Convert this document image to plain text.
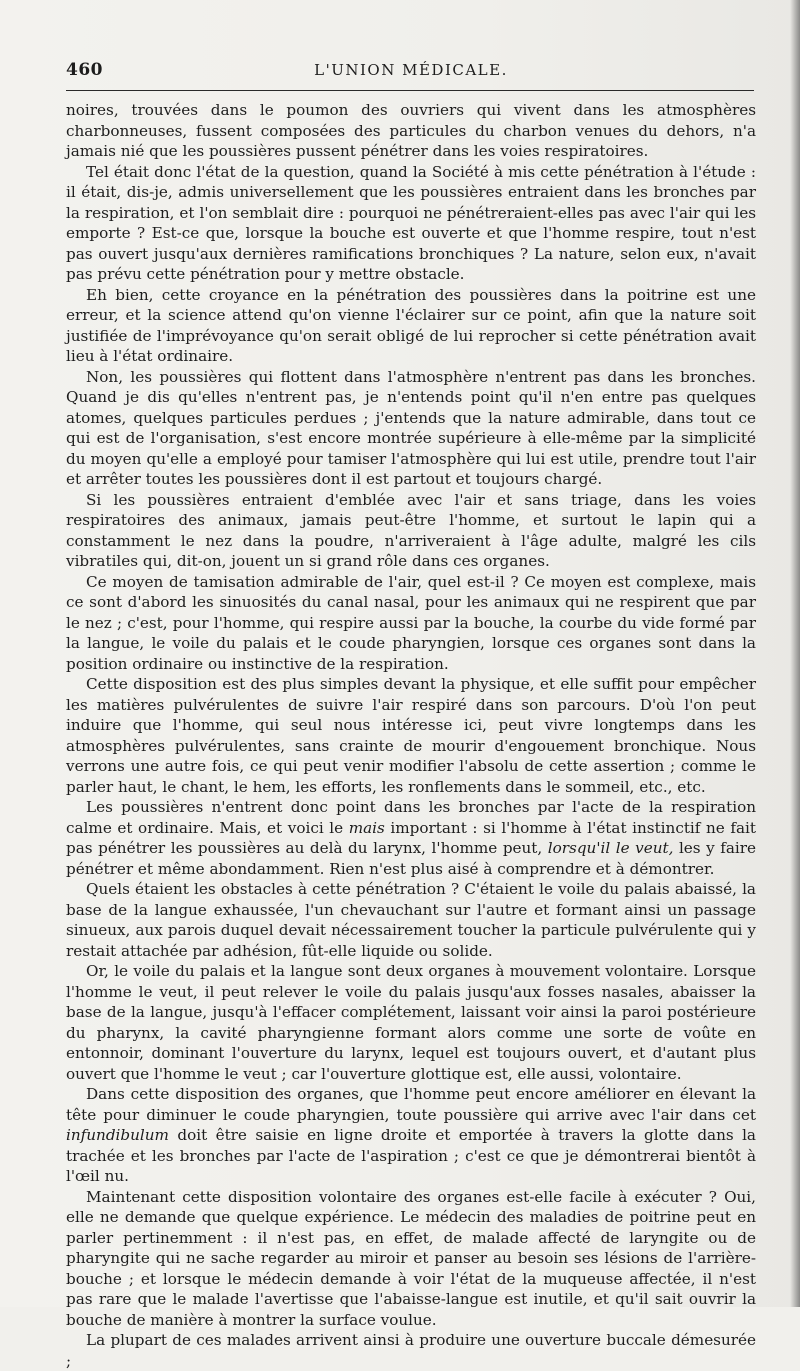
460	L'UNION MÉDICALE.

noires, trouvées dans le poumon des ouvriers qui vivent dans les atmosphères charbonneuses, fussent composées des particules du charbon venues du dehors, n'a jamais nié que les poussières pussent pénétrer dans les voies respiratoires.

Tel était donc l'état de la question, quand la Société à mis cette pénétration à l'étude : il était, dis-je, admis universellement que les poussières entraient dans les bronches par la respiration, et l'on semblait dire : pourquoi ne pénétreraient-elles pas avec l'air qui les emporte ? Est-ce que, lorsque la bouche est ouverte et que l'homme respire, tout n'est pas ouvert jusqu'aux dernières ramifications bronchiques ? La nature, selon eux, n'avait pas prévu cette pénétration pour y mettre obstacle.

Eh bien, cette croyance en la pénétration des poussières dans la poitrine est une erreur, et la science attend qu'on vienne l'éclairer sur ce point, afin que la nature soit justifiée de l'imprévoyance qu'on serait obligé de lui reprocher si cette pénétration avait lieu à l'état ordinaire.

Non, les poussières qui flottent dans l'atmosphère n'entrent pas dans les bronches. Quand je dis qu'elles n'entrent pas, je n'entends point qu'il n'en entre pas quelques atomes, quelques particules perdues ; j'entends que la nature admirable, dans tout ce qui est de l'organisation, s'est encore montrée supérieure à elle-même par la simplicité du moyen qu'elle a employé pour tamiser l'atmosphère qui lui est utile, prendre tout l'air et arrêter toutes les poussières dont il est partout et toujours chargé.

Si les poussières entraient d'emblée avec l'air et sans triage, dans les voies respiratoires des animaux, jamais peut-être l'homme, et surtout le lapin qui a constamment le nez dans la poudre, n'arriveraient à l'âge adulte, malgré les cils vibratiles qui, dit-on, jouent un si grand rôle dans ces organes.

Ce moyen de tamisation admirable de l'air, quel est-il ? Ce moyen est complexe, mais ce sont d'abord les sinuosités du canal nasal, pour les animaux qui ne respirent que par le nez ; c'est, pour l'homme, qui respire aussi par la bouche, la courbe du vide formé par la langue, le voile du palais et le coude pharyngien, lorsque ces organes sont dans la position ordinaire ou instinctive de la respiration.

Cette disposition est des plus simples devant la physique, et elle suffit pour empêcher les matières pulvérulentes de suivre l'air respiré dans son parcours. D'où l'on peut induire que l'homme, qui seul nous intéresse ici, peut vivre longtemps dans les atmosphères pulvérulentes, sans crainte de mourir d'engouement bronchique. Nous verrons une autre fois, ce qui peut venir modifier l'absolu de cette assertion ; comme le parler haut, le chant, le hem, les efforts, les ronflements dans le sommeil, etc., etc.

Les poussières n'entrent donc point dans les bronches par l'acte de la respiration calme et ordinaire. Mais, et voici le mais important : si l'homme à l'état instinctif ne fait pas pénétrer les poussières au delà du larynx, l'homme peut, lorsqu'il le veut, les y faire pénétrer et même abondamment. Rien n'est plus aisé à comprendre et à démontrer.

Quels étaient les obstacles à cette pénétration ? C'étaient le voile du palais abaissé, la base de la langue exhaussée, l'un chevauchant sur l'autre et formant ainsi un passage sinueux, aux parois duquel devait nécessairement toucher la particule pulvérulente qui y restait attachée par adhésion, fût-elle liquide ou solide.

Or, le voile du palais et la langue sont deux organes à mouvement volontaire. Lorsque l'homme le veut, il peut relever le voile du palais jusqu'aux fosses nasales, abaisser la base de la langue, jusqu'à l'effacer complétement, laissant voir ainsi la paroi postérieure du pharynx, la cavité pharyngienne formant alors comme une sorte de voûte en entonnoir, dominant l'ouverture du larynx, lequel est toujours ouvert, et d'autant plus ouvert que l'homme le veut ; car l'ouverture glottique est, elle aussi, volontaire.

Dans cette disposition des organes, que l'homme peut encore améliorer en élevant la tête pour diminuer le coude pharyngien, toute poussière qui arrive avec l'air dans cet infundibulum doit être saisie en ligne droite et emportée à travers la glotte dans la trachée et les bronches par l'acte de l'aspiration ; c'est ce que je démontrerai bientôt à l'œil nu.

Maintenant cette disposition volontaire des organes est-elle facile à exécuter ? Oui, elle ne demande que quelque expérience. Le médecin des maladies de poitrine peut en parler pertinemment : il n'est pas, en effet, de malade affecté de laryngite ou de pharyngite qui ne sache regarder au miroir et panser au besoin ses lésions de l'arrière-bouche ; et lorsque le médecin demande à voir l'état de la muqueuse affectée, il n'est pas rare que le malade l'avertisse que l'abaisse-langue est inutile, et qu'il sait ouvrir la bouche de manière à montrer la surface voulue.

La plupart de ces malades arrivent ainsi à produire une ouverture buccale démesurée ;
